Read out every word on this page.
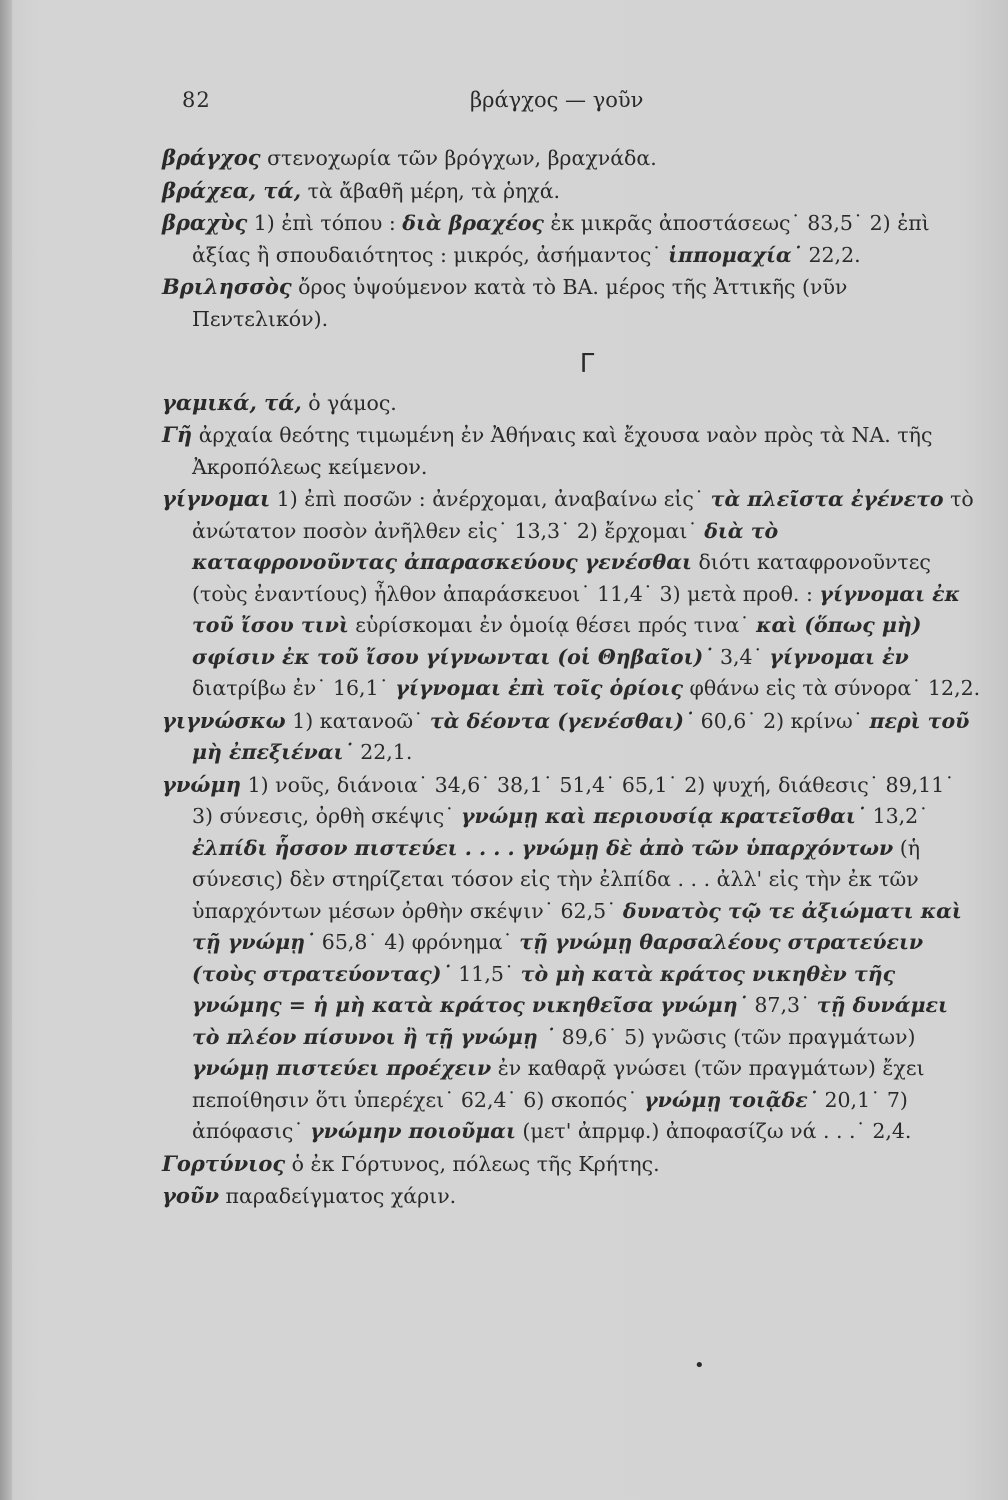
82	βράγχος — γοῦν

βράγχος στενοχωρία τῶν βρόγχων, βραχνάδα.

βράχεα, τά, τὰ ἄβαθῆ μέρη, τὰ ῥηχά.

βραχὺς 1) ἐπὶ τόπου : διὰ βραχέος ἐκ μικρᾶς ἀποστάσεως˙ 83,5˙ 2) ἐπὶ ἀξίας ἢ σπουδαιότητος : μικρός, ἀσήμαντος˙ ἱππομαχία˙ 22,2.

Βριλησσὸς ὄρος ὑψούμενον κατὰ τὸ ΒΑ. μέρος τῆς Ἀττικῆς (νῦν Πεντελικόν).

Γ

γαμικά, τά, ὁ γάμος.

Γῆ ἀρχαία θεότης τιμωμένη ἐν Ἀθήναις καὶ ἔχουσα ναὸν πρὸς τὰ ΝΑ. τῆς Ἀκροπόλεως κείμενον.

γίγνομαι 1) ἐπὶ ποσῶν : ἀνέρχομαι, ἀναβαίνω εἰς˙ τὰ πλεῖστα ἐγένετο τὸ ἀνώτατον ποσὸν ἀνῆλθεν εἰς˙ 13,3˙ 2) ἔρχομαι˙ διὰ τὸ καταφρονοῦντας ἀπαρασκεύους γενέσθαι διότι καταφρονοῦντες (τοὺς ἐναντίους) ἦλθον ἀπαράσκευοι˙ 11,4˙ 3) μετὰ προθ. : γίγνομαι ἐκ τοῦ ἴσου τινὶ εὑρίσκομαι ἐν ὁμοίᾳ θέσει πρός τινα˙ καὶ (ὅπως μὴ) σφίσιν ἐκ τοῦ ἴσου γίγνωνται (οἱ Θηβαῖοι)˙ 3,4˙ γίγνομαι ἐν διατρίβω ἐν˙ 16,1˙ γίγνομαι ἐπὶ τοῖς ὁρίοις φθάνω εἰς τὰ σύνορα˙ 12,2.

γιγνώσκω 1) κατανοῶ˙ τὰ δέοντα (γενέσθαι)˙ 60,6˙ 2) κρίνω˙ περὶ τοῦ μὴ ἐπεξιέναι˙ 22,1.

γνώμη 1) νοῦς, διάνοια˙ 34,6˙ 38,1˙ 51,4˙ 65,1˙ 2) ψυχή, διάθεσις˙ 89,11˙ 3) σύνεσις, ὀρθὴ σκέψις˙ γνώμῃ καὶ περιουσίᾳ κρατεῖσθαι˙ 13,2˙ ἐλπίδι ἧσσον πιστεύει . . . . γνώμῃ δὲ ἀπὸ τῶν ὑπαρχόντων (ἡ σύνεσις) δὲν στηρίζεται τόσον εἰς τὴν ἐλπίδα . . . ἀλλ' εἰς τὴν ἐκ τῶν ὑπαρχόντων μέσων ὀρθὴν σκέψιν˙ 62,5˙ δυνατὸς τῷ τε ἀξιώματι καὶ τῇ γνώμῃ˙ 65,8˙ 4) φρόνημα˙ τῇ γνώμῃ θαρσαλέους στρατεύειν (τοὺς στρατεύοντας)˙ 11,5˙ τὸ μὴ κατὰ κράτος νικηθὲν τῆς γνώμης = ἡ μὴ κατὰ κράτος νικηθεῖσα γνώμη˙ 87,3˙ τῇ δυνάμει τὸ πλέον πίσυνοι ἢ τῇ γνώμῃ ˙ 89,6˙ 5) γνῶσις (τῶν πραγμάτων) γνώμῃ πιστεύει προέχειν ἐν καθαρᾷ γνώσει (τῶν πραγμάτων) ἔχει πεποίθησιν ὅτι ὑπερέχει˙ 62,4˙ 6) σκοπός˙ γνώμῃ τοιᾷδε˙ 20,1˙ 7) ἀπόφασις˙ γνώμην ποιοῦμαι (μετ' ἀπρμφ.) ἀποφασίζω νά . . .˙ 2,4.

Γορτύνιος ὁ ἐκ Γόρτυνος, πόλεως τῆς Κρήτης.

γοῦν παραδείγματος χάριν.

•
